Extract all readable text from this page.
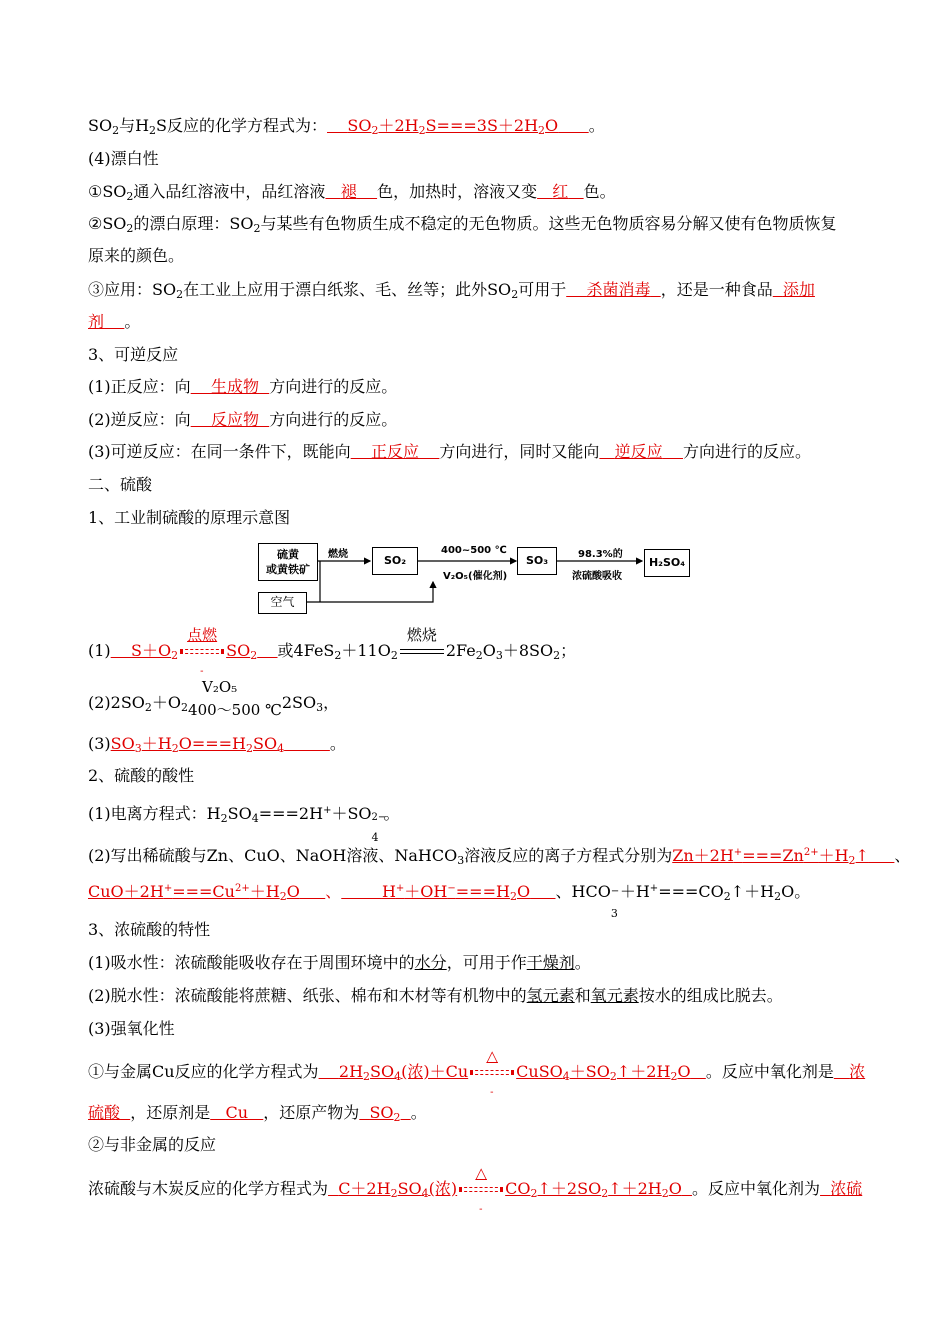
$SO_2$与$H_2S$反应的化学方程式为： $SO_2+2H_2S===3S+2H_2O$ 。
(4)漂白性
$①SO_2$通入品红溶液中，品红溶液 褪 色，加热时，溶液又变 红 色。
$②SO_2$的漂白原理：$SO_2$与某些有色物质生成不稳定的无色物质。这些无色物质容易分解又使有色物质恢复
原来的颜色。
③应用：$SO_2$在工业上应用于漂白纸浆、毛、丝等；此外$SO_2$可用于 杀菌消毒 ，还是一种食品 添加
剂 。
3、可逆反应
(1)正反应：向 生成物 方向进行的反应。
(2)逆反应：向 反应物 方向进行的反应。
(3)可逆反应：在同一条件下，既能向 正反应 方向进行，同时又能向 逆反应 方向进行的反应。
二、硫酸
1、工业制硫酸的原理示意图
硫黄
或黄铁矿
燃烧	SO₂
400~500 ℃
V₂O₅(催化剂)
SO₃	98.3%的
浓硫酸吸收
H₂SO₄
空气
(1) $S+O_2$
点燃
-
$SO_2$ 或$4FeS_2+11O_2$
燃烧
$2Fe_2O_3+8SO_2$；
V₂O₅
$(2)2SO_2+O_2400\sim 500$ $℃2SO_3$，
$(3)SO_3+H_2O===H_2SO_4$	。
2、硫酸的酸性
(1)电离方程式：$H_2SO_4===2H^++SO$ 2−
4
。
(2)写出稀硫酸与Zn、CuO、NaOH溶液、NaHCO$_3$溶液反应的离子方程式分别为$Zn+2H^+===Zn^{2+}+H_2↑$ 、
$CuO+2H^+===Cu^{2+}+H_2O$ 、	$H^++OH^-===H_2O$ 、HCO −
3
$+H^+===CO_2↑+H_2O$。
3、浓硫酸的特性
(1)吸水性：浓硫酸能吸收存在于周围环境中的水分，可用于作干燥剂。
(2)脱水性：浓硫酸能将蔗糖、纸张、棉布和木材等有机物中的氢元素和氧元素按水的组成比脱去。
(3)强氧化性
①与金属Cu反应的化学方程式为 $2H_2SO_4$(浓)＋Cu
△
-
$CuSO_4+SO_2↑+2H_2O$ 。反应中氧化剂是 浓
硫酸 ，还原剂是 Cu ，还原产物为 $SO_2$ 。
②与非金属的反应
浓硫酸与木炭反应的化学方程式为 $C+2H_2SO_4$(浓)
△
-
$CO_2↑+2SO_2↑+2H_2O$ 。反应中氧化剂为 浓硫
